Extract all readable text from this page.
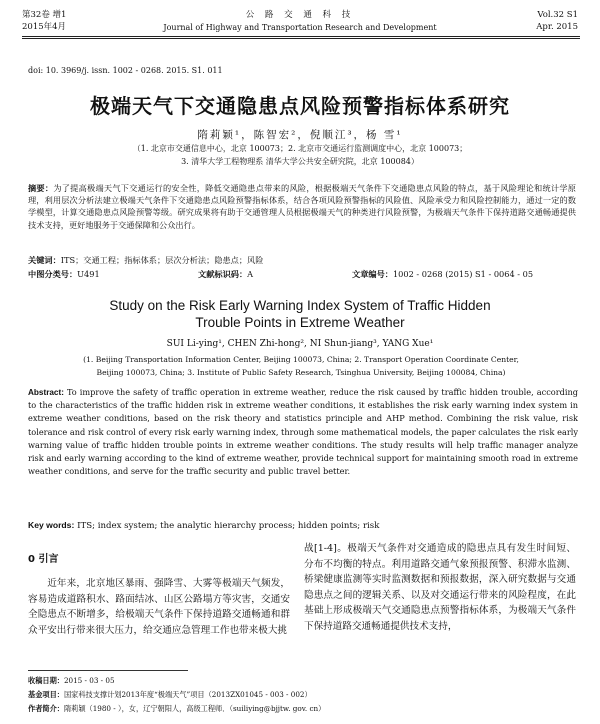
第32卷 增1
2015年4月
公 路 交 通 科 技
Journal of Highway and Transportation Research and Development
Vol.32 S1
Apr. 2015
doi: 10. 3969/j. issn. 1002 - 0268. 2015. S1. 011
极端天气下交通隐患点风险预警指标体系研究
隋莉颖¹，陈智宏²，倪顺江³，杨 雪¹
（1. 北京市交通信息中心，北京 100073；2. 北京市交通运行监测调度中心，北京 100073；
3. 清华大学工程物理系 清华大学公共安全研究院，北京 100084）
摘要：为了提高极端天气下交通运行的安全性，降低交通隐患点带来的风险，根据极端天气条件下交通隐患点风险的特点，基于风险理论和统计学原理，利用层次分析法建立极端天气条件下交通隐患点风险预警指标体系，结合各项风险预警指标的风险值、风险承受力和风险控制能力，通过一定的数学模型，计算交通隐患点风险预警等级。研究成果将有助于交通管理人员根据极端天气的种类进行风险预警，为极端天气条件下保持道路交通畅通提供技术支持，更好地服务于交通保障和公众出行。
关键词：ITS；交通工程；指标体系；层次分析法；隐患点；风险
中图分类号：U491	文献标识码：A	文章编号：1002 - 0268 (2015) S1 - 0064 - 05
Study on the Risk Early Warning Index System of Traffic Hidden
Trouble Points in Extreme Weather
SUI Li-ying¹, CHEN Zhi-hong², NI Shun-jiang³, YANG Xue¹
(1. Beijing Transportation Information Center, Beijing 100073, China; 2. Transport Operation Coordinate Center,
Beijing 100073, China; 3. Institute of Public Safety Research, Tsinghua University, Beijing 100084, China)
Abstract: To improve the safety of traffic operation in extreme weather, reduce the risk caused by traffic hidden trouble, according to the characteristics of the traffic hidden risk in extreme weather conditions, it establishes the risk early warning index system in extreme weather conditions, based on the risk theory and statistics principle and AHP method. Combining the risk value, risk tolerance and risk control of every risk early warning index, through some mathematical models, the paper calculates the risk early warning value of traffic hidden trouble points in extreme weather conditions. The study results will help traffic manager analyze risk and early warning according to the kind of extreme weather, provide technical support for maintaining smooth road in extreme weather conditions, and serve for the traffic security and public travel better.
Key words: ITS; index system; the analytic hierarchy process; hidden points; risk
0 引言
近年来，北京地区暴雨、强降雪、大雾等极端天气频发，容易造成道路积水、路面结冰、山区公路塌方等灾害，交通安全隐患点不断增多，给极端天气条件下保持道路交通畅通和群众平安出行带来很大压力，给交通应急管理工作也带来极大挑
战[1-4]。极端天气条件对交通造成的隐患点具有发生时间短、分布不均衡的特点。利用道路交通气象预报预警、积滞水监测、桥梁健康监测等实时监测数据和预报数据，深入研究数据与交通隐患点之间的逻辑关系、以及对交通运行带来的风险程度，在此基础上形成极端天气交通隐患点预警指标体系，为极端天气条件下保持道路交通畅通提供技术支持，
收稿日期：2015 - 03 - 05
基金项目：国家科技支撑计划2013年度“极端天气”项目（2013ZX01045 - 003 - 002）
作者简介：隋莉颖（1980 - ），女，辽宁朝阳人，高级工程师．（suiliying@bjjtw. gov. cn）
